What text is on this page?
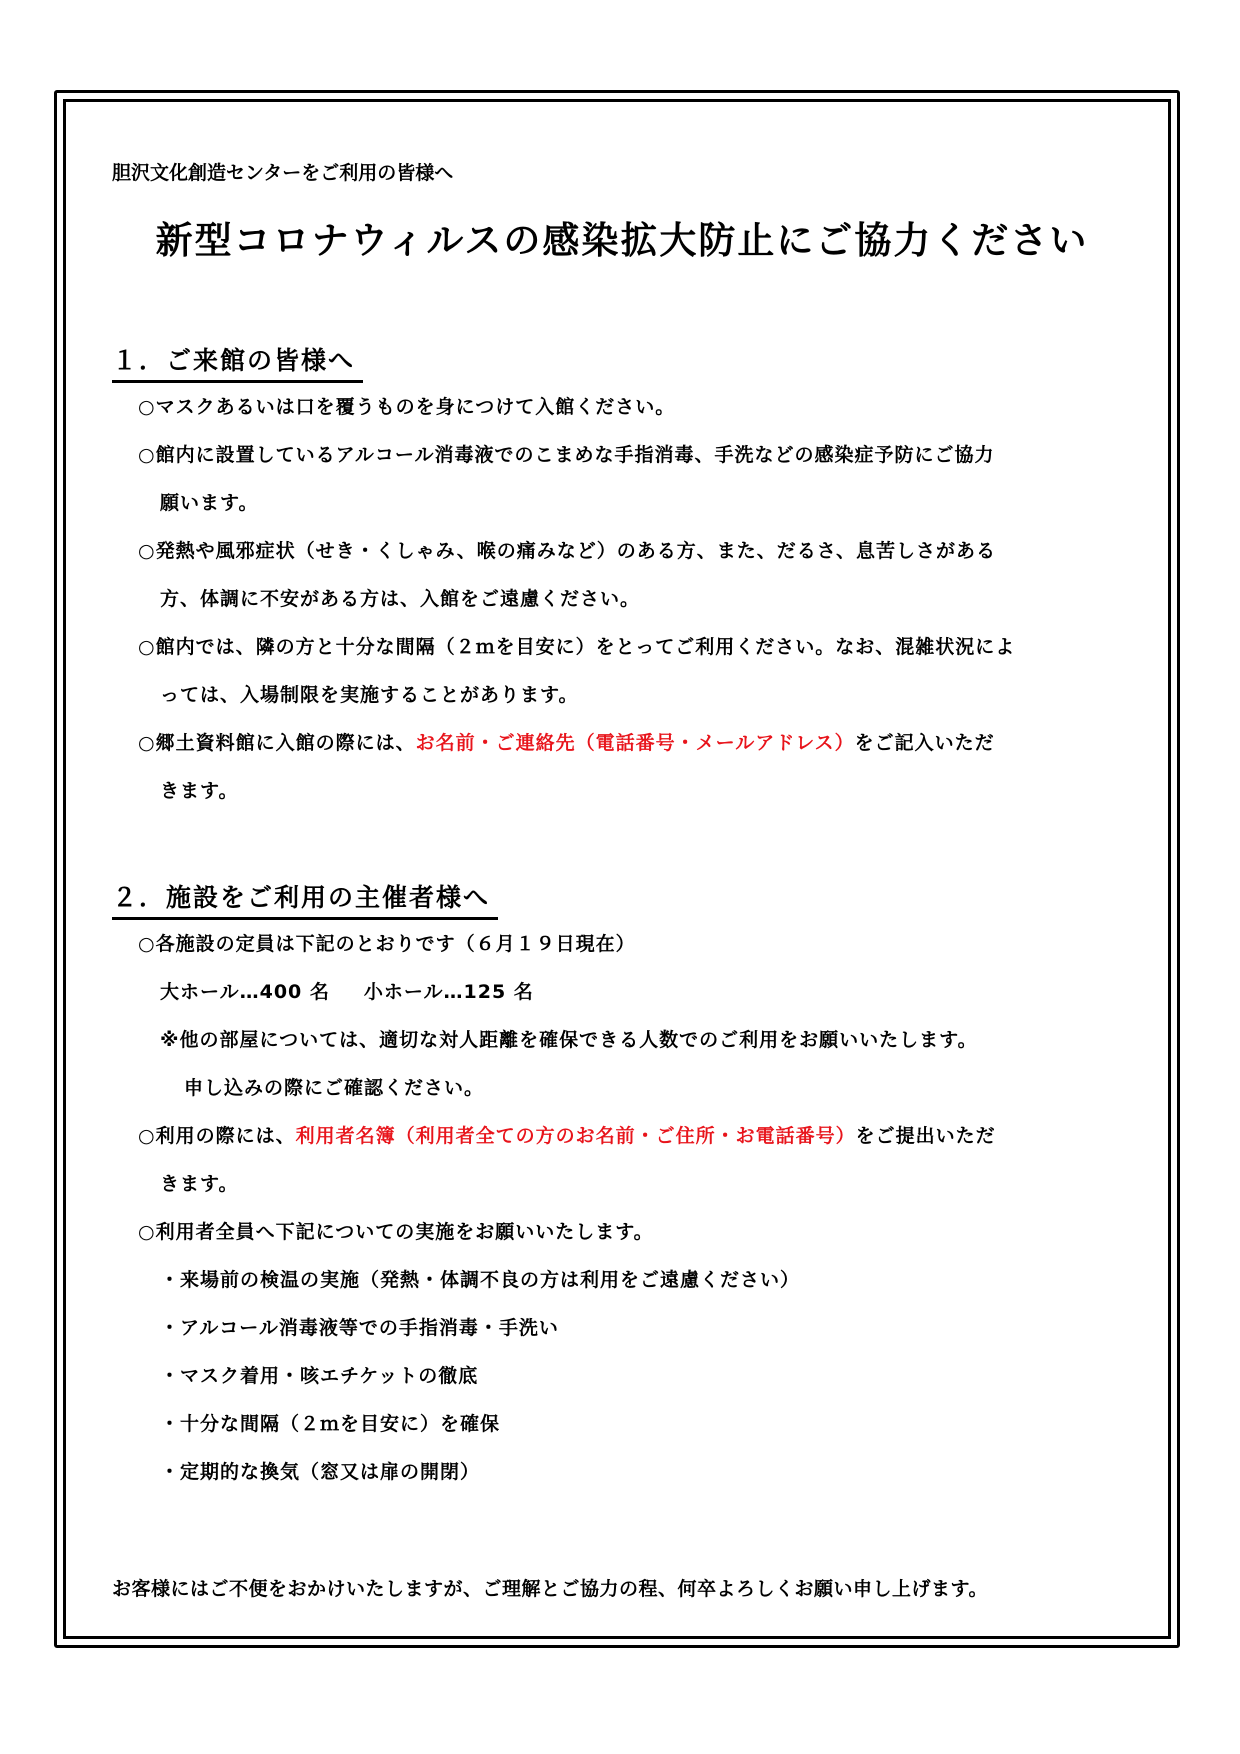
胆沢文化創造センターをご利用の皆様へ

新型コロナウィルスの感染拡大防止にご協力ください
１．ご来館の皆様へ
○マスクあるいは口を覆うものを身につけて入館ください。
○館内に設置しているアルコール消毒液でのこまめな手指消毒、手洗などの感染症予防にご協力
願います。
○発熱や風邪症状（せき・くしゃみ、喉の痛みなど）のある方、また、だるさ、息苦しさがある
方、体調に不安がある方は、入館をご遠慮ください。
○館内では、隣の方と十分な間隔（２ｍを目安に）をとってご利用ください。なお、混雑状況によ
っては、入場制限を実施することがあります。
○郷土資料館に入館の際には、お名前・ご連絡先（電話番号・メールアドレス）をご記入いただ
きます。
２．施設をご利用の主催者様へ
○各施設の定員は下記のとおりです（６月１９日現在）
大ホール…400 名 小ホール…125 名
※他の部屋については、適切な対人距離を確保できる人数でのご利用をお願いいたします。
申し込みの際にご確認ください。
○利用の際には、利用者名簿（利用者全ての方のお名前・ご住所・お電話番号）をご提出いただ
きます。
○利用者全員へ下記についての実施をお願いいたします。
・来場前の検温の実施（発熱・体調不良の方は利用をご遠慮ください）
・アルコール消毒液等での手指消毒・手洗い
・マスク着用・咳エチケットの徹底
・十分な間隔（２ｍを目安に）を確保
・定期的な換気（窓又は扉の開閉）

お客様にはご不便をおかけいたしますが、ご理解とご協力の程、何卒よろしくお願い申し上げます。
